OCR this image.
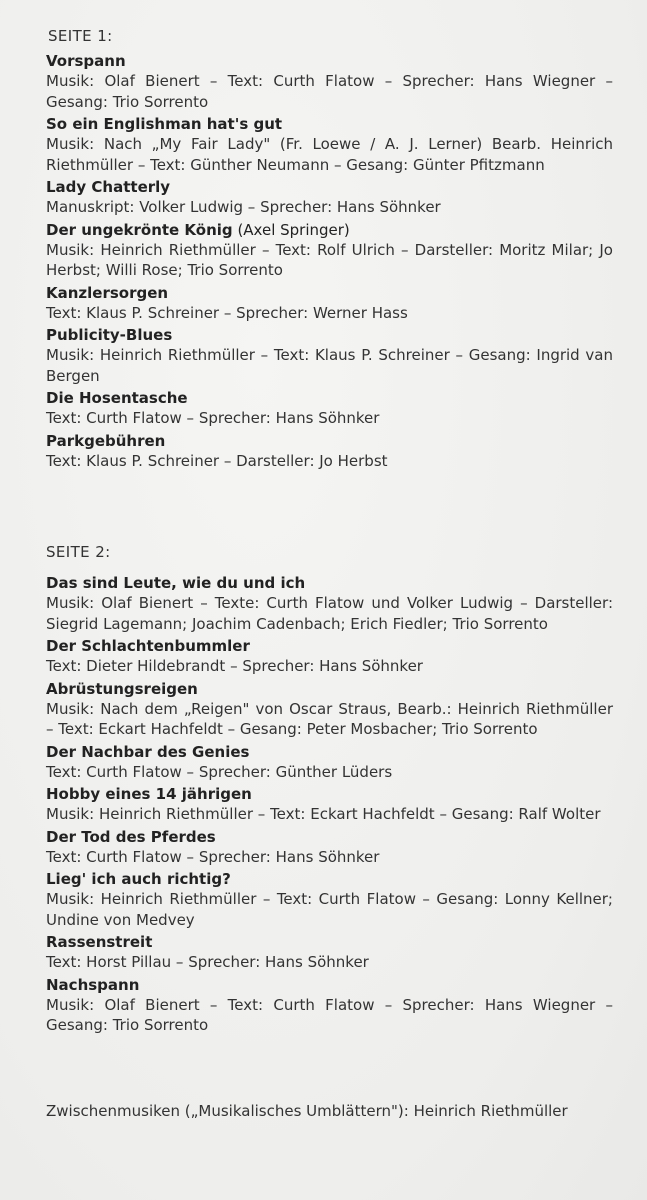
SEITE 1:
Vorspann
Musik: Olaf Bienert – Text: Curth Flatow – Sprecher: Hans Wiegner – Gesang: Trio Sorrento
So ein Englishman hat's gut
Musik: Nach „My Fair Lady" (Fr. Loewe / A. J. Lerner) Bearb. Heinrich Riethmüller – Text: Günther Neumann – Gesang: Günter Pfitzmann
Lady Chatterly
Manuskript: Volker Ludwig – Sprecher: Hans Söhnker
Der ungekrönte König (Axel Springer)
Musik: Heinrich Riethmüller – Text: Rolf Ulrich – Darsteller: Moritz Milar; Jo Herbst; Willi Rose; Trio Sorrento
Kanzlersorgen
Text: Klaus P. Schreiner – Sprecher: Werner Hass
Publicity-Blues
Musik: Heinrich Riethmüller – Text: Klaus P. Schreiner – Gesang: Ingrid van Bergen
Die Hosentasche
Text: Curth Flatow – Sprecher: Hans Söhnker
Parkgebühren
Text: Klaus P. Schreiner – Darsteller: Jo Herbst
SEITE 2:
Das sind Leute, wie du und ich
Musik: Olaf Bienert – Texte: Curth Flatow und Volker Ludwig – Darsteller: Siegrid Lagemann; Joachim Cadenbach; Erich Fiedler; Trio Sorrento
Der Schlachtenbummler
Text: Dieter Hildebrandt – Sprecher: Hans Söhnker
Abrüstungsreigen
Musik: Nach dem „Reigen" von Oscar Straus, Bearb.: Heinrich Riethmüller – Text: Eckart Hachfeldt – Gesang: Peter Mosbacher; Trio Sorrento
Der Nachbar des Genies
Text: Curth Flatow – Sprecher: Günther Lüders
Hobby eines 14 jährigen
Musik: Heinrich Riethmüller – Text: Eckart Hachfeldt – Gesang: Ralf Wolter
Der Tod des Pferdes
Text: Curth Flatow – Sprecher: Hans Söhnker
Lieg' ich auch richtig?
Musik: Heinrich Riethmüller – Text: Curth Flatow – Gesang: Lonny Kellner; Undine von Medvey
Rassenstreit
Text: Horst Pillau – Sprecher: Hans Söhnker
Nachspann
Musik: Olaf Bienert – Text: Curth Flatow – Sprecher: Hans Wiegner – Gesang: Trio Sorrento
Zwischenmusiken („Musikalisches Umblättern"): Heinrich Riethmüller
